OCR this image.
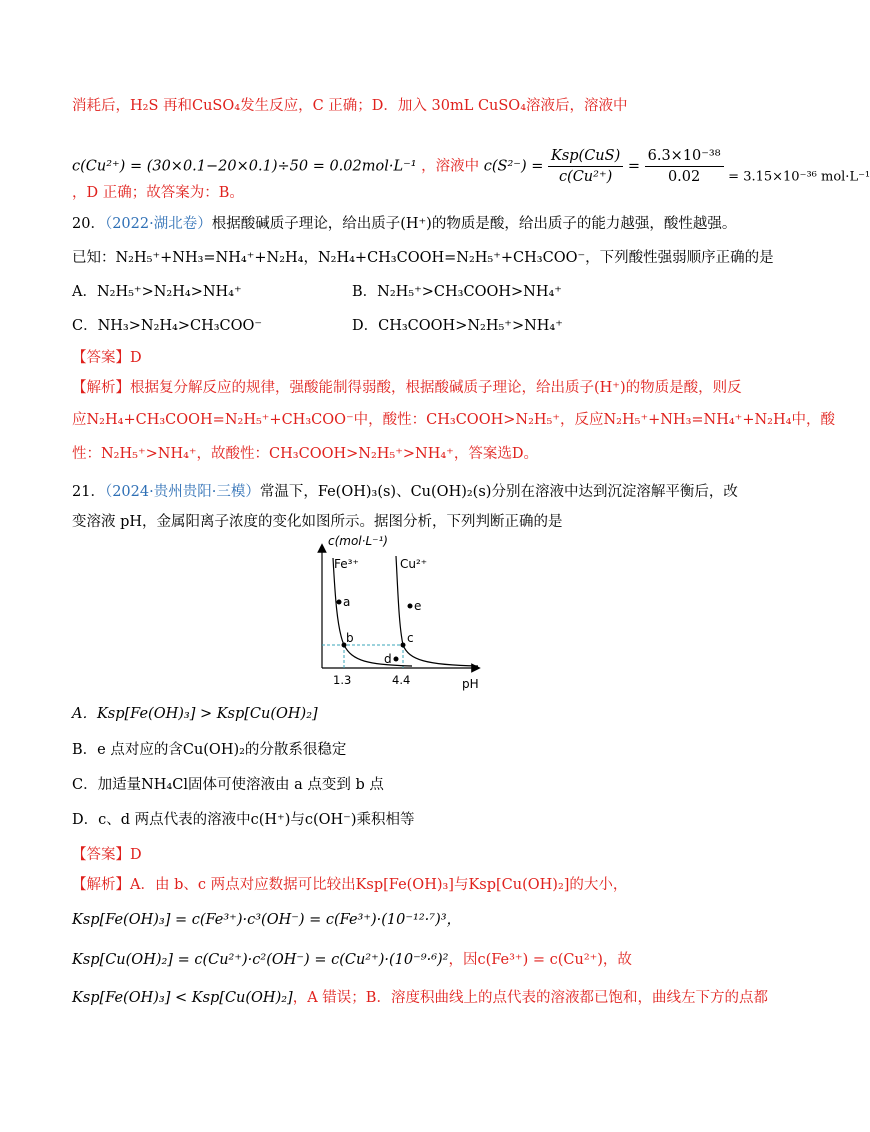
消耗后，H₂S 再和CuSO₄发生反应，C 正确；D．加入 30mL CuSO₄溶液后，溶液中
c(Cu²⁺) = (30×0.1−20×0.1)÷50 = 0.02mol·L⁻¹ ，溶液中 $c(S^{2-}) = \frac{\text{Ksp(CuS)}}{\text{c(Cu²⁺)}} = \frac{\text{6.3×10⁻³⁸}}{0.02} = 3.15\times 10^{-36}$ mol·L⁻¹
，D 正确；故答案为：B。
20．（2022·湖北卷）根据酸碱质子理论，给出质子(H⁺)的物质是酸，给出质子的能力越强，酸性越强。
已知：N₂H₅⁺+NH₃=NH₄⁺+N₂H₄，N₂H₄+CH₃COOH=N₂H₅⁺+CH₃COO⁻，下列酸性强弱顺序正确的是
A．N₂H₅⁺>N₂H₄>NH₄⁺	B．N₂H₅⁺>CH₃COOH>NH₄⁺
C．NH₃>N₂H₄>CH₃COO⁻	D．CH₃COOH>N₂H₅⁺>NH₄⁺
【答案】D
【解析】根据复分解反应的规律，强酸能制得弱酸，根据酸碱质子理论，给出质子(H⁺)的物质是酸，则反
应N₂H₄+CH₃COOH=N₂H₅⁺+CH₃COO⁻中，酸性：CH₃COOH>N₂H₅⁺，反应N₂H₅⁺+NH₃=NH₄⁺+N₂H₄中，酸
性：N₂H₅⁺>NH₄⁺，故酸性：CH₃COOH>N₂H₅⁺>NH₄⁺，答案选D。
21．（2024·贵州贵阳·三模）常温下，Fe(OH)₃(s)、Cu(OH)₂(s)分别在溶液中达到沉淀溶解平衡后，改
变溶液 pH，金属阳离子浓度的变化如图所示。据图分析，下列判断正确的是
c(mol·L⁻¹)
pH
Fe³⁺	Cu²⁺
1.3	4.4
a
b	c
d
e
A．Ksp[Fe(OH)₃] > Ksp[Cu(OH)₂]
B．e 点对应的含Cu(OH)₂的分散系很稳定
C．加适量NH₄Cl固体可使溶液由 a 点变到 b 点
D．c、d 两点代表的溶液中c(H⁺)与c(OH⁻)乘积相等
【答案】D
【解析】A．由 b、c 两点对应数据可比较出Ksp[Fe(OH)₃]与Ksp[Cu(OH)₂]的大小，
Ksp[Fe(OH)₃] = c(Fe³⁺)·c³(OH⁻) = c(Fe³⁺)·(10⁻¹²·⁷)³，
Ksp[Cu(OH)₂] = c(Cu²⁺)·c²(OH⁻) = c(Cu²⁺)·(10⁻⁹·⁶)²，因c(Fe³⁺) = c(Cu²⁺)，故
Ksp[Fe(OH)₃] < Ksp[Cu(OH)₂]，A 错误；B．溶度积曲线上的点代表的溶液都已饱和，曲线左下方的点都
